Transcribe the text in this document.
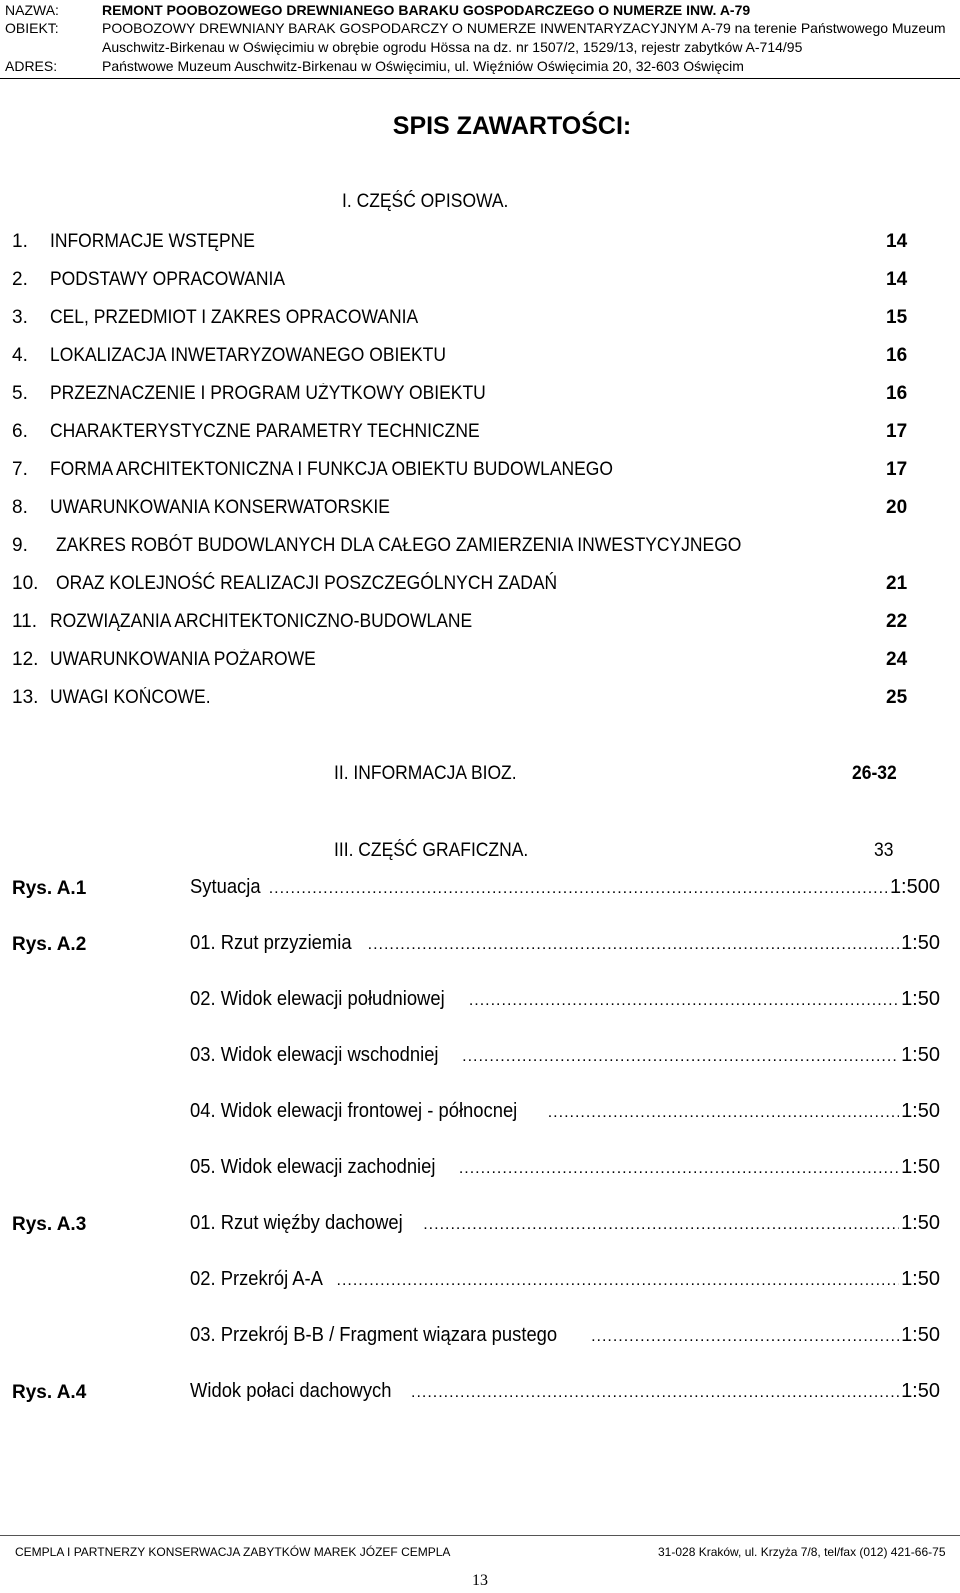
NAZWA:	REMONT POOBOZOWEGO DREWNIANEGO BARAKU GOSPODARCZEGO O NUMERZE INW. A-79
OBIEKT:	POOBOZOWY DREWNIANY BARAK GOSPODARCZY O NUMERZE INWENTARYZACYJNYM A-79 na terenie Państwowego Muzeum
Auschwitz-Birkenau w Oświęcimiu w obrębie ogrodu Hössa na dz. nr 1507/2, 1529/13, rejestr zabytków A-714/95
ADRES:	Państwowe Muzeum Auschwitz-Birkenau w Oświęcimiu, ul. Więźniów Oświęcimia 20, 32-603 Oświęcim
SPIS ZAWARTOŚCI:
I. CZĘŚĆ OPISOWA.
1. INFORMACJE WSTĘPNE	14
2. PODSTAWY OPRACOWANIA	14
3. CEL, PRZEDMIOT I ZAKRES OPRACOWANIA	15
4. LOKALIZACJA INWETARYZOWANEGO OBIEKTU	16
5. PRZEZNACZENIE I PROGRAM UŻYTKOWY OBIEKTU	16
6. CHARAKTERYSTYCZNE PARAMETRY TECHNICZNE	17
7. FORMA ARCHITEKTONICZNA I FUNKCJA OBIEKTU BUDOWLANEGO	17
8. UWARUNKOWANIA KONSERWATORSKIE	20
9. ZAKRES ROBÓT BUDOWLANYCH DLA CAŁEGO ZAMIERZENIA INWESTYCYJNEGO
10. ORAZ KOLEJNOŚĆ REALIZACJI POSZCZEGÓLNYCH ZADAŃ	21
11. ROZWIĄZANIA ARCHITEKTONICZNO-BUDOWLANE	22
12. UWARUNKOWANIA POŻAROWE	24
13. UWAGI KOŃCOWE.	25
II. INFORMACJA BIOZ.	26-32
III. CZĘŚĆ GRAFICZNA.	33
Rys. A.1	Sytuacja .....	1:500
Rys. A.2	01. Rzut przyziemia .....	1:50
02. Widok elewacji południowej .....	1:50
03. Widok elewacji wschodniej .....	1:50
04. Widok elewacji frontowej - północnej .....	1:50
05. Widok elewacji zachodniej .....	1:50
Rys. A.3	01. Rzut więźby dachowej .....	1:50
02. Przekrój A-A .....	1:50
03. Przekrój B-B / Fragment wiązara pustego .....	1:50
Rys. A.4	Widok połaci dachowych .....	1:50
CEMPLA I PARTNERZY KONSERWACJA ZABYTKÓW MAREK JÓZEF CEMPLA	31-028 Kraków, ul. Krzyża 7/8, tel/fax (012) 421-66-75
13
